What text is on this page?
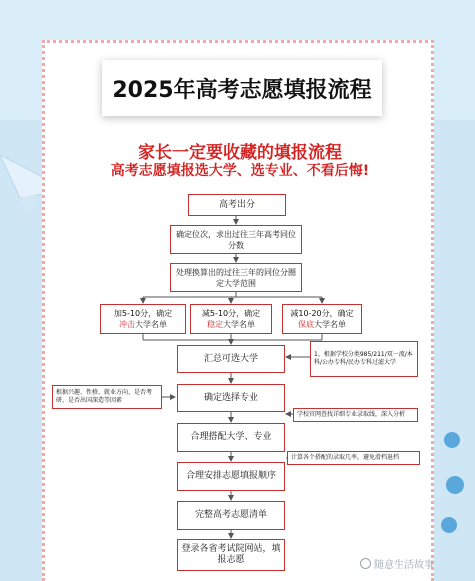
2025年高考志愿填报流程
家长一定要收藏的填报流程
高考志愿填报选大学、选专业、不看后悔!
高考出分
确定位次，求出过往三年高考同位分数
处理换算出的过往三年的同位分圈定大学范围
加5-10分，确定
冲击大学名单
减5-10分，确定
稳定大学名单
减10-20分，确定
保底大学名单
汇总可选大学	1、根据学校分类985/211/双一流/本科/公办专科/民办专科过滤大学
确定选择专业
根据兴趣、性格、就业方向、是否考研、是否出国深造等因素
学校官网查找详细专业录取线，深入分析
合理搭配大学、专业
计算各个搭配的录取几率，避免滑档退档
合理安排志愿填报顺序
完整高考志愿清单
登录各省考试院网站，填报志愿	随意生活故事
